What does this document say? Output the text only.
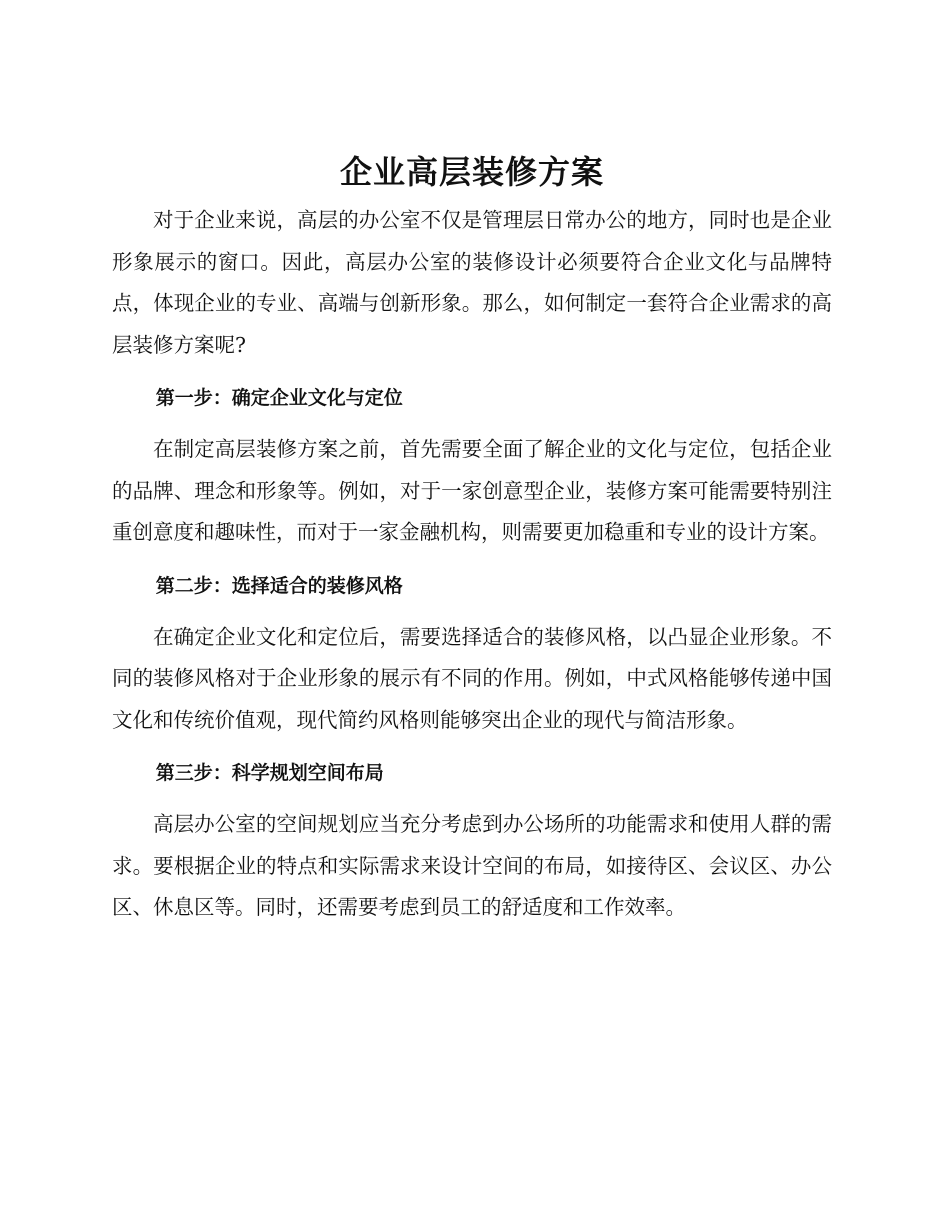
企业高层装修方案

对于企业来说，高层的办公室不仅是管理层日常办公的地方，同时也是企业形象展示的窗口。因此，高层办公室的装修设计必须要符合企业文化与品牌特点，体现企业的专业、高端与创新形象。那么，如何制定一套符合企业需求的高层装修方案呢?

第一步：确定企业文化与定位

在制定高层装修方案之前，首先需要全面了解企业的文化与定位，包括企业的品牌、理念和形象等。例如，对于一家创意型企业，装修方案可能需要特别注重创意度和趣味性，而对于一家金融机构，则需要更加稳重和专业的设计方案。

第二步：选择适合的装修风格

在确定企业文化和定位后，需要选择适合的装修风格，以凸显企业形象。不同的装修风格对于企业形象的展示有不同的作用。例如，中式风格能够传递中国文化和传统价值观，现代简约风格则能够突出企业的现代与简洁形象。

第三步：科学规划空间布局

高层办公室的空间规划应当充分考虑到办公场所的功能需求和使用人群的需求。要根据企业的特点和实际需求来设计空间的布局，如接待区、会议区、办公区、休息区等。同时，还需要考虑到员工的舒适度和工作效率。
